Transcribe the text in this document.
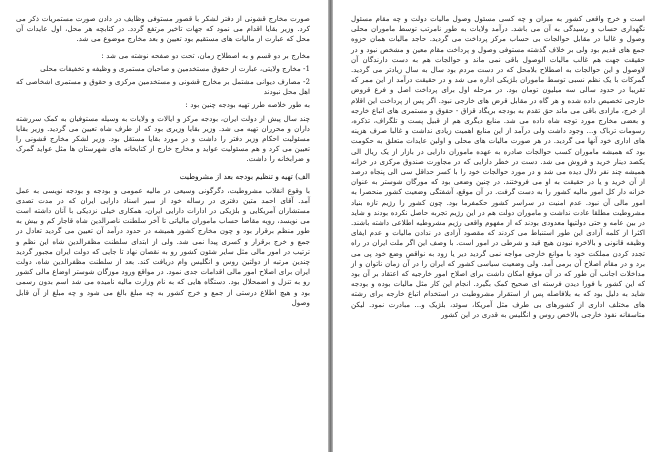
صورت مخارج قشونی از دفتر لشکر با قصور مستوفی وظایف در دادن صورت مستمریات ذکر می کرد. وزیر بقایا اقدام می نمود که جهات تاخیر مرتفع گردد. در کتابچه هر محل، اول عایدات آن محل که عبارت از مالیات های مستقیم بود تعیین و بعد مخارج موضوع می شد.

مخارج بر دو قسم و به اصطلاح زمان، تحت دو صفحه نوشته می شد :

1- مخارج ولایتی، عبارت از حقوق مستخدمین و صاحبان مستمری و وظیفه و تخفیفات محلی

2- مصارف دیوانی مشتمل بر مخارج قشونی و مستخدمین مرکزی و حقوق و مستمری اشخاصی که اهل محل نبودند

به طور خلاصه طرز تهیه بودجه چنین بود :

چند سال پیش از دولت ایران، بودجه مرکز و ایالات و ولایات به وسیله مستوفیان به کمک سررشته داران و محرران تهیه می شد. وزیر بقایا وزیری بود که از طرف شاه تعیین می گردید. وزیر بقایا مسئولیت احکام وزیر دفتر را داشت و در مورد بقایا مستقل بود. وزیر لشکر مخارج قشونی را تعیین می کرد و هم مسئولیت عواید و مخارج خارج از کتابخانه های شهرستان ها مثل عواید گمرک و ضرابخانه را داشت.

الف) تهیه و تنظیم بودجه بعد از مشروطیت

با وقوع انقلاب مشروطیت، دگرگونی وسیعی در مالیه عمومی و بودجه و بودجه نویسی به عمل آمد. آقای احمد متین دفتری در رساله خود از سیر اسناد دارایی ایران که در مدت تصدی مستشاران آمریکایی و بلژیکی در ادارات دارایی ایران، همکاری خیلی نزدیکی با آنان داشته است می نویسد، رویه مقاصا حساب ماموران مالیاتی تا آخر سلطنت ناصرالدین شاه قاجار کم و بیش به طور منظم برقرار بود و چون مخارج کشور همیشه در حدود درآمد آن تعیین می گردید تعادل در جمع و خرج برقرار و کسری پیدا نمی شد. ولی از ابتدای سلطنت مظفرالدین شاه این نظم و ترتیب در امور مالی مثل سایر شئون کشور رو به نقصان نهاد تا جایی که دولت ایران مجبور گردید چندین مرتبه از دولتین روس و انگلیس وام دریافت کند. بعد از سلطنت مظفرالدین شاه، دولت ایران برای اصلاح امور مالی اقدامات جدی نمود. در مواقع ورود موزگان شوستر اوضاع مالی کشور رو به تنزل و اضمحلال بود. دستگاه هایی که به نام وزارت مالیه نامیده می شد اسم بدون رسمی بود و هیچ اطلاع درستی از جمع و خرج کشور به چه مبلغ بالغ می شود و چه مبلغ از آن قابل وصول

است و خرج واقعی کشور به میزان و چه کسی مسئول وصول مالیات دولت و چه مقام مسئول نگهداری حساب و رسیدگی به آن می باشد. درآمد ولایات به طور نامرتب توسط ماموران محلی وصول و غالبا در مقابل حوالجات بی حساب مرکز پرداخت می گردید. حاجد مالیات همان حزوه جمع های قدیم بود ولی بر خلاف گذشته مستوفی وصول و پرداخت مقام معین و مشخص نبود و در حقیقت جهت هم غالب مالیات الوصول باقی نمی ماند و حوالجات هم به دست دارندگان آن لاوصول و این حوالجات به اصطلاح بلامحل که در دست مردم بود سال به سال زیادتر می گردید. گمرکات با یک نظم نسبی توسط ماموران بلژیکی اداره می شد و در حقیقت درآمد از این ممر که تقریبا در حدود سالی سه میلیون تومان بود. در مرحله اول برای پرداخت اصل و فرع قروض خارجی تخصیص داده شده و هر گاه در مقابل قرض های خارجی نبود. اگر پس از پرداخت این اقلام از خرج، مازادی باقی می ماند حق تقدم به بودجه بریگاد قزاق - حقوق و مستمری های اتباع خارجه و بعضی مخارج مورد توجه شاه داده می شد. منابع دیگری هم از قبیل پست و تلگراف، تذکره، رسومات ترباک و... وجود داشت ولی درآمد از این منابع اهمیت زیادی نداشت و غالبا صرف هزینه های اداری خود آنها می گردید. در هر صورت مالیات های محلی و اولین عایدات متعلق به حکومت بود که همیشه ماموران کسب حوالجات صادره به عهده ماموران دارایی در بازار از یک ریال الی یکصد دینار خرید و فروش می شد. دست در خطر دارایی که در مجاورت صندوق مرکزی در خزانه همیشه چند نفر دلال دیده می شد و در مورد حوالجات خود را با کسر حداقل سی الی پنجاه درصد از آن خرید و یا در حقیقت به او می فروختند. در چنین وضعی بود که مورگان شوستر به عنوان خزانه دار کل امور مالیه کشور را به دست گرفت. در آن موقع، آشفتگی وضعیت کشور منحصرا به امور مالی آن نبود. عدم امنیت در سراسر کشور حکمفرما بود. چون کشور را رژیم تازه بنیاد مشروطیت مطلقا عادت نداشت و ماموران دولت هم در این رژیم تجربه حاصل نکرده بودند و شاید در بین عامه و حتی دولتیها معدودی بودند که از مفهوم واقعی رژیم مشروطیه اطلاعی داشته باشند. اکثرا از کلمه آزادی این طور استنباط می کردند که مقصود آزادی در ندادن مالیات و عدم ایفای وظیفه قانونی و بالاخره نبودن هیچ قید و شرطی در امور است. با وصف این اگر ملت ایران در راه تجدد کردن مملکت خود با موانع خارجی مواجه نمی گردید دیر یا زود به نواقص وضع خود پی می برد و در مقام اصلاح آن برمی آمد. ولی وضعیت سیاسی کشور که ایران را در آن زمان ناتوان و از مداخلات اجانب آن طور که در آن موقع امکان داشت برای اصلاح امور خارجیه که اعتقاد بر آن بود که این کشور با فورا دیدن فرسته ای صحیح کمک بگیرد. انجام این کار مثل مالیات بوده و بودجه شاید به دلیل بود که به بلافاصله پس از استقرار مشروطیت در استخدام اتباع خارجه برای رشته های مختلف اداری از کشورهای بی طرف مثل آمریکا، سوئد، بلژیک و... مبادرت نمود. لیکن متاسفانه نفوذ خارجی بالاخص روس و انگلیس به قدری در این کشور
